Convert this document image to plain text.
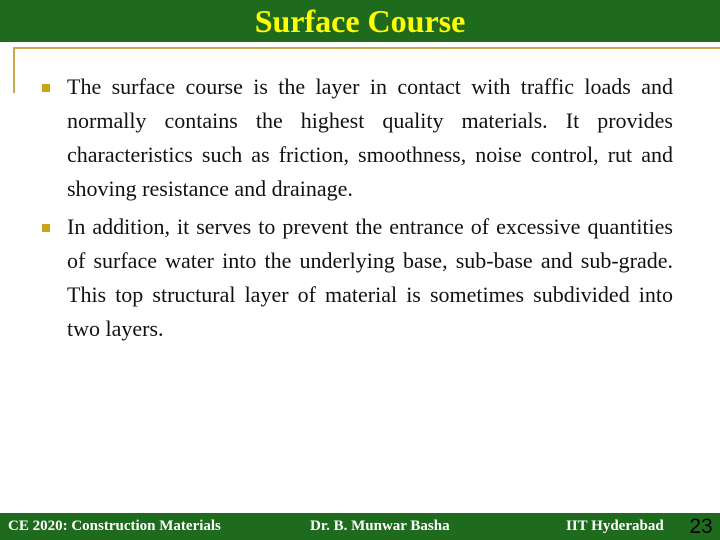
Surface Course
The surface course is the layer in contact with traffic loads and normally contains the highest quality materials. It provides characteristics such as friction, smoothness, noise control, rut and shoving resistance and drainage.
In addition, it serves to prevent the entrance of excessive quantities of surface water into the underlying base, sub-base and sub-grade. This top structural layer of material is sometimes subdivided into two layers.
CE 2020: Construction Materials	Dr. B. Munwar Basha	IIT Hyderabad 23
